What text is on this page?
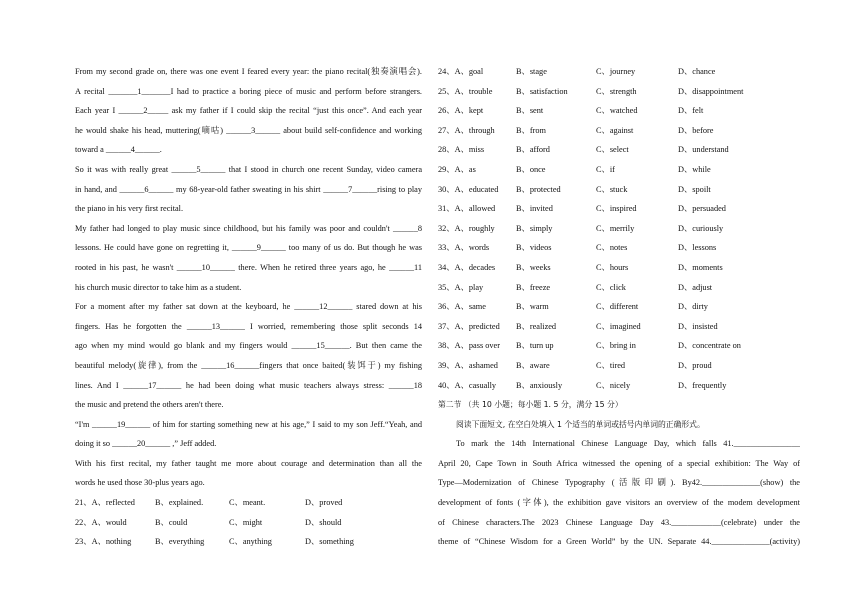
From my second grade on, there was one event I feared every year: the piano recital(独奏演唱会).
A recital _______1_______I had to practice a boring piece of music and perform before strangers.
Each year I ______2_____ ask my father if I could skip the recital “just this once”. And each year
he would shake his head, muttering(嘀咕) ______3______ about build self-confidence and working
toward a ______4______.
So it was with really great ______5______ that I stood in church one recent Sunday, video camera
in hand, and ______6______ my 68-year-old father sweating in his shirt ______7______rising to play
the piano in his very first recital.
My father had longed to play music since childhood, but his family was poor and couldn't ______8
lessons. He could have gone on regretting it, ______9______ too many of us do. But though he was
rooted in his past, he wasn't ______10______ there. When he retired three years ago, he ______11
his church music director to take him as a student.
For a moment after my father sat down at the keyboard, he ______12______ stared down at his
fingers. Has he forgotten the ______13______ I worried, remembering those split seconds 14
ago when my mind would go blank and my fingers would ______15______. But then came the
beautiful melody(旋律), from the ______16______fingers that once baited(装饵于) my fishing
lines. And I ______17______ he had been doing what music teachers always stress: ______18
the music and pretend the others aren't there.
“I'm ______19______ of him for starting something new at his age,” I said to my son Jeff.“Yeah, and
doing it so ______20______ ,” Jeff added.
With his first recital, my father taught me more about courage and determination than all the
words he used those 30-plus years ago.
21、A、reflected	B、explained.	C、meant.	D、proved
22、A、would	B、could	C、might	D、should
23、A、nothing	B、everything	C、anything	D、something
24、A、goal	B、stage	C、journey	D、chance
25、A、trouble	B、satisfaction	C、strength	D、disappointment
26、A、kept	B、sent	C、watched	D、felt
27、A、through	B、from	C、against	D、before
28、A、miss	B、afford	C、select	D、understand
29、A、as	B、once	C、if	D、while
30、A、educated	B、protected	C、stuck	D、spoilt
31、A、allowed	B、invited	C、inspired	D、persuaded
32、A、roughly	B、simply	C、merrily	D、curiously
33、A、words	B、videos	C、notes	D、lessons
34、A、decades	B、weeks	C、hours	D、moments
35、A、play	B、freeze	C、click	D、adjust
36、A、same	B、warm	C、different	D、dirty
37、A、predicted	B、realized	C、imagined	D、insisted
38、A、pass over	B、turn up	C、bring in	D、concentrate on
39、A、ashamed	B、aware	C、tired	D、proud
40、A、casually	B、anxiously	C、nicely	D、frequently
第二节 （共 10 小题；每小题 1. 5 分，满分 15 分）
阅读下面短文, 在空白处填入 1 个适当的单词或括号内单词的正确形式。
To mark the 14th International Chinese Language Day, which falls 41.________________
April 20, Cape Town in South Africa witnessed the opening of a special exhibition: The Way of
Type—Modernization of Chinese Typography (活版印刷). By42.______________(show) the
development of fonts (字体), the exhibition gave visitors an overview of the modem development
of Chinese characters.The 2023 Chinese Language Day 43.____________(celebrate) under the
theme of “Chinese Wisdom for a Green World” by the UN. Separate 44.______________(activity)
